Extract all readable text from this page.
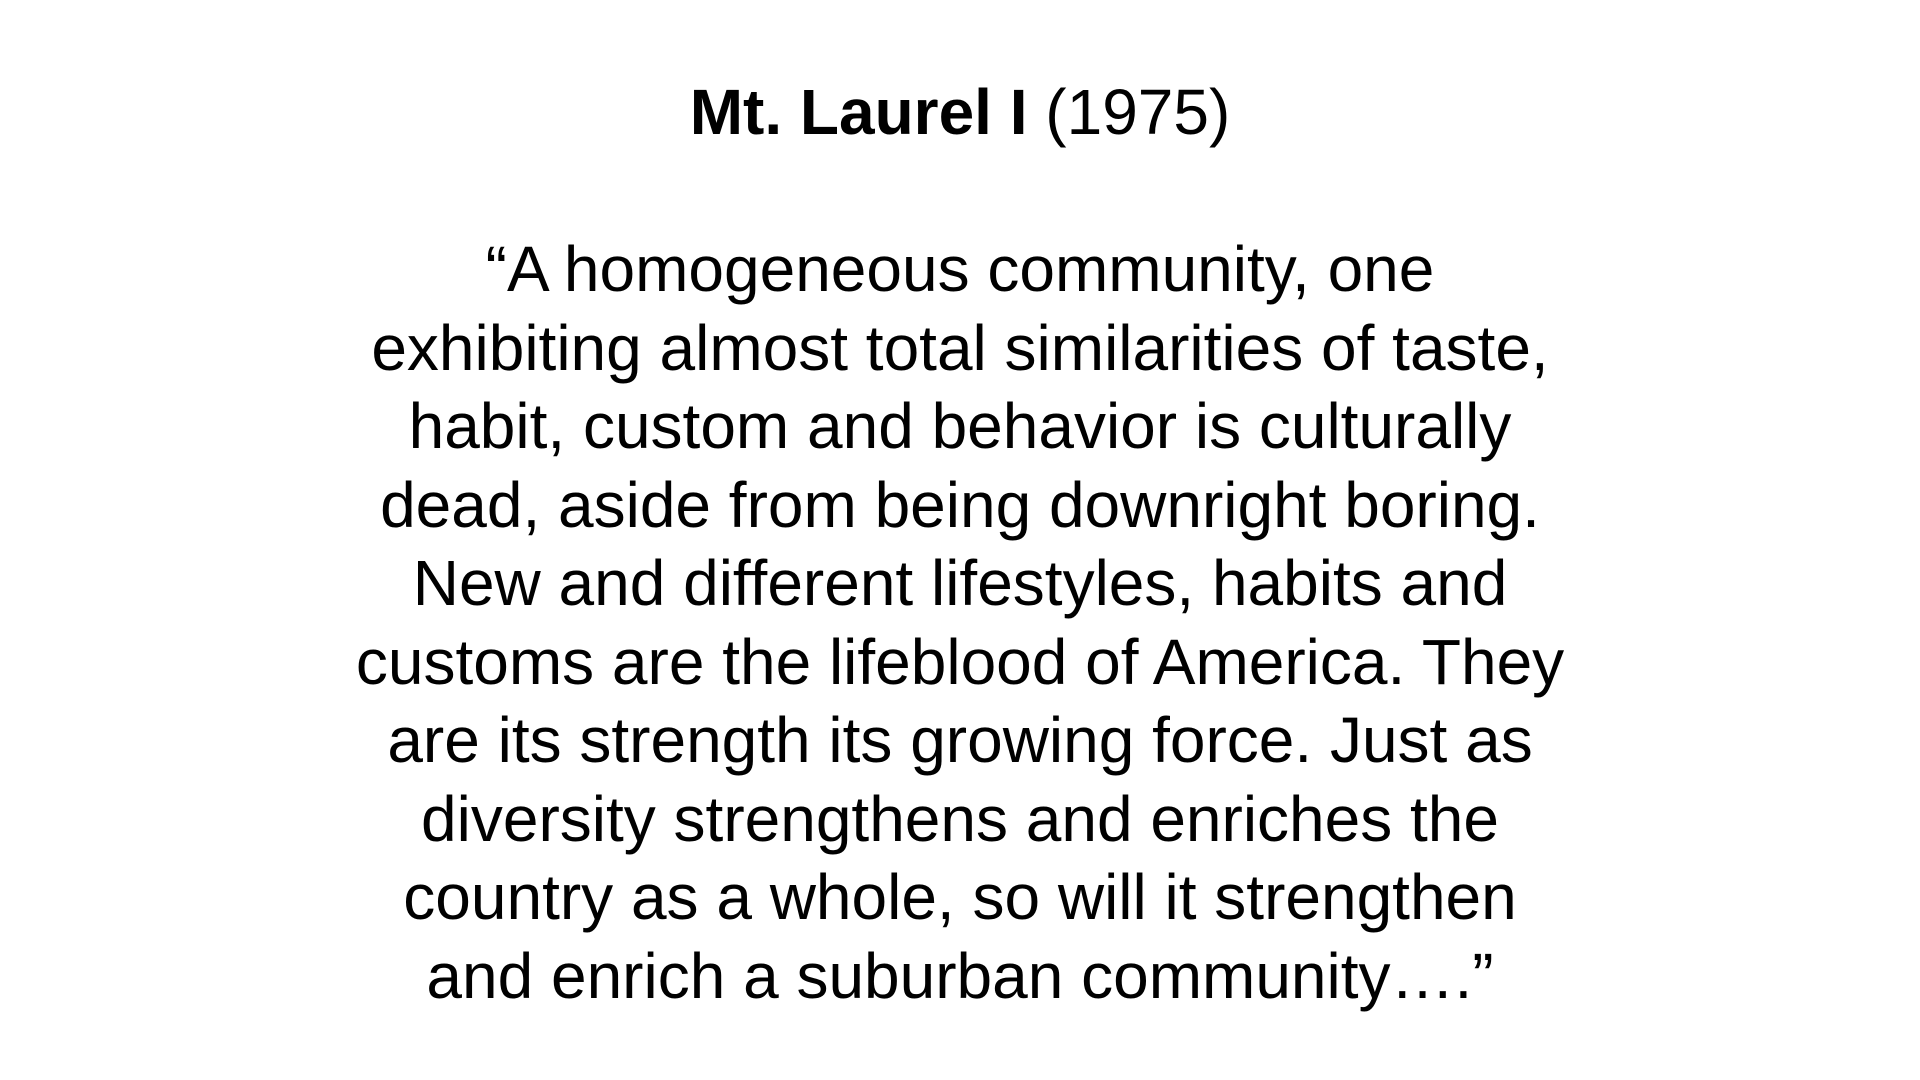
Mt. Laurel I (1975)
“A homogeneous community, one
exhibiting almost total similarities of taste,
habit, custom and behavior is culturally
dead, aside from being downright boring.
New and different lifestyles, habits and
customs are the lifeblood of America. They
are its strength its growing force. Just as
diversity strengthens and enriches the
country as a whole, so will it strengthen
and enrich a suburban community….”
